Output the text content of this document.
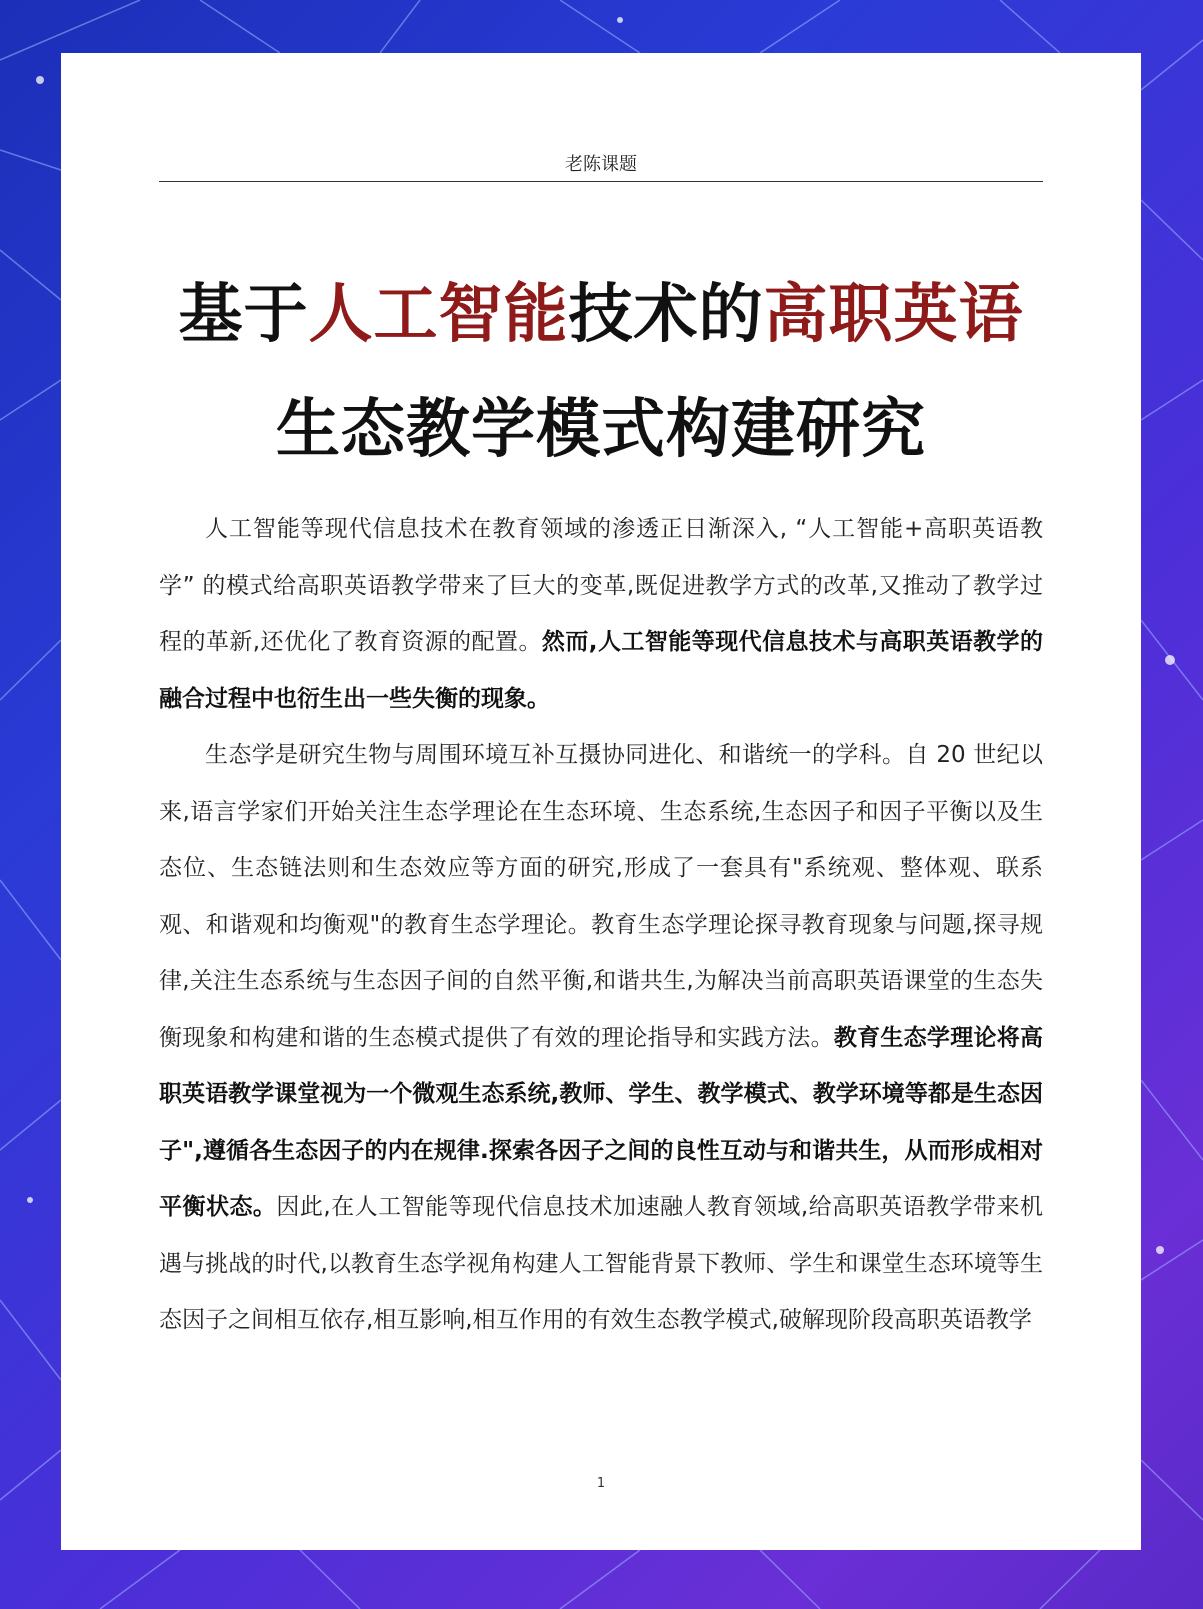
老陈课题
基于人工智能技术的高职英语
生态教学模式构建研究

人工智能等现代信息技术在教育领域的渗透正日渐深入, “人工智能+高职英语教学” 的模式给高职英语教学带来了巨大的变革,既促进教学方式的改革,又推动了教学过程的革新,还优化了教育资源的配置。然而,人工智能等现代信息技术与高职英语教学的融合过程中也衍生出一些失衡的现象。

生态学是研究生物与周围环境互补互摄协同进化、和谐统一的学科。自 20 世纪以来,语言学家们开始关注生态学理论在生态环境、生态系统,生态因子和因子平衡以及生态位、生态链法则和生态效应等方面的研究,形成了一套具有"系统观、整体观、联系观、和谐观和均衡观"的教育生态学理论。教育生态学理论探寻教育现象与问题,探寻规律,关注生态系统与生态因子间的自然平衡,和谐共生,为解决当前高职英语课堂的生态失衡现象和构建和谐的生态模式提供了有效的理论指导和实践方法。教育生态学理论将高职英语教学课堂视为一个微观生态系统,教师、学生、教学模式、教学环境等都是生态因子",遵循各生态因子的内在规律.探索各因子之间的良性互动与和谐共生，从而形成相对平衡状态。因此,在人工智能等现代信息技术加速融人教育领域,给高职英语教学带来机遇与挑战的时代,以教育生态学视角构建人工智能背景下教师、学生和课堂生态环境等生态因子之间相互依存,相互影响,相互作用的有效生态教学模式,破解现阶段高职英语教学

1
